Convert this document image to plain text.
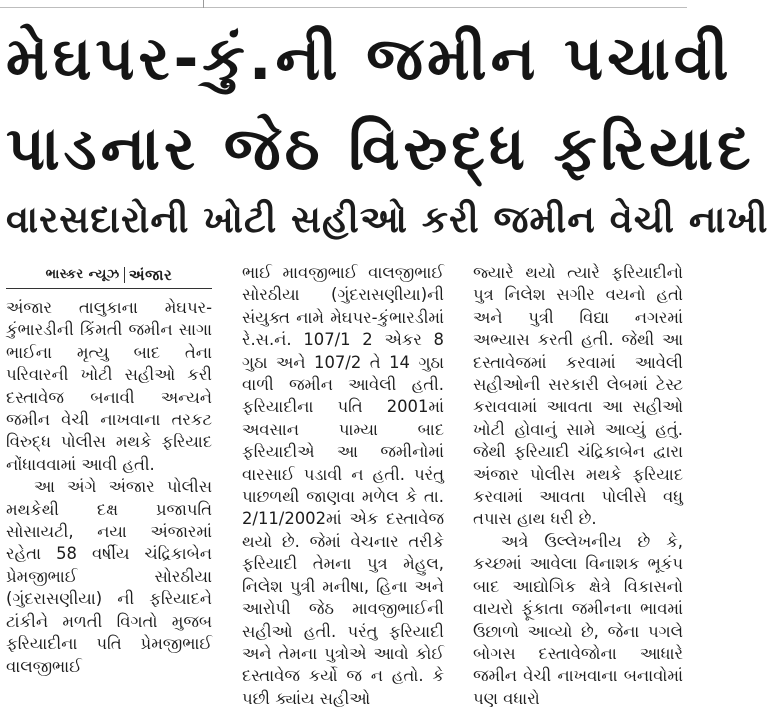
મેઘપર-કું.ની જમીન પચાવી
પાડનાર જેઠ વિરુદ્ધ ફરિયાદ
વારસદારોની ખોટી સહીઓ કરી જમીન વેચી નાખી
ભાસ્કર ન્યૂઝ અંજાર

અંજાર તાલુકાના મેઘપર-કુંભારડીની કિંમતી જમીન સાગા ભાઈના મૃત્યુ બાદ તેના પરિવારની ખોટી સહીઓ કરી દસ્તાવેજ બનાવી અન્યને જમીન વેચી નાખવાના તરકટ વિરુદ્ધ પોલીસ મથકે ફરિયાદ નોંધાવવામાં આવી હતી.

આ અંગે અંજાર પોલીસ મથકેથી દક્ષ પ્રજાપતિ સોસાયટી, નયા અંજારમાં રહેતા 58 વર્ષીય ચંદ્રિકાબેન પ્રેમજીભાઈ સોરઠીયા (ગુંદરાસણીયા) ની ફરિયાદને ટાંકીને મળતી વિગતો મુજબ ફરિયાદીના પતિ પ્રેમજીભાઈ વાલજીભાઈ

ભાઈ માવજીભાઈ વાલજીભાઈ સોરઠીયા (ગુંદરાસણીયા)ની સંયુક્ત નામે મેઘપર-કુંભારડીમાં રે.સ.નં. 107/1 2 એકર 8 ગુઠા અને 107/2 તે 14 ગુઠા વાળી જમીન આવેલી હતી. ફરિયાદીના પતિ 2001માં અવસાન પામ્યા બાદ ફરિયાદીએ આ જમીનોમાં વારસાઈ પડાવી ન હતી. પરંતુ પાછળથી જાણવા મળેલ કે તા. 2/11/2002માં એક દસ્તાવેજ થયો છે. જેમાં વેચનાર તરીકે ફરિયાદી તેમના પુત્ર મેહુલ, નિલેશ પુત્રી મનીષા, હિના અને આરોપી જેઠ માવજીભાઈની સહીઓ હતી. પરંતુ ફરિયાદી અને તેમના પુત્રોએ આવો કોઈ દસ્તાવેજ કર્યો જ ન હતો. કે પછી ક્યાંય સહીઓ

જ્યારે થયો ત્યારે ફરિયાદીનો પુત્ર નિલેશ સગીર વયનો હતો અને પુત્રી વિદ્યા નગરમાં અભ્યાસ કરતી હતી. જેથી આ દસ્તાવેજમાં કરવામાં આવેલી સહીઓની સરકારી લેબમાં ટેસ્ટ કરાવવામાં આવતા આ સહીઓ ખોટી હોવાનું સામે આવ્યું હતું. જેથી ફરિયાદી ચંદ્રિકાબેન દ્વારા અંજાર પોલીસ મથકે ફરિયાદ કરવામાં આવતા પોલીસે વધુ તપાસ હાથ ધરી છે.

અત્રે ઉલ્લેખનીય છે કે, કચ્છમાં આવેલા વિનાશક ભૂકંપ બાદ આદ્યોગિક ક્ષેત્રે વિકાસનો વાયરો ફૂંકાતા જમીનના ભાવમાં ઉછાળો આવ્યો છે, જેના પગલે બોગસ દસ્તાવેજોના આધારે જમીન વેચી નાખવાના બનાવોમાં પણ વધારો
